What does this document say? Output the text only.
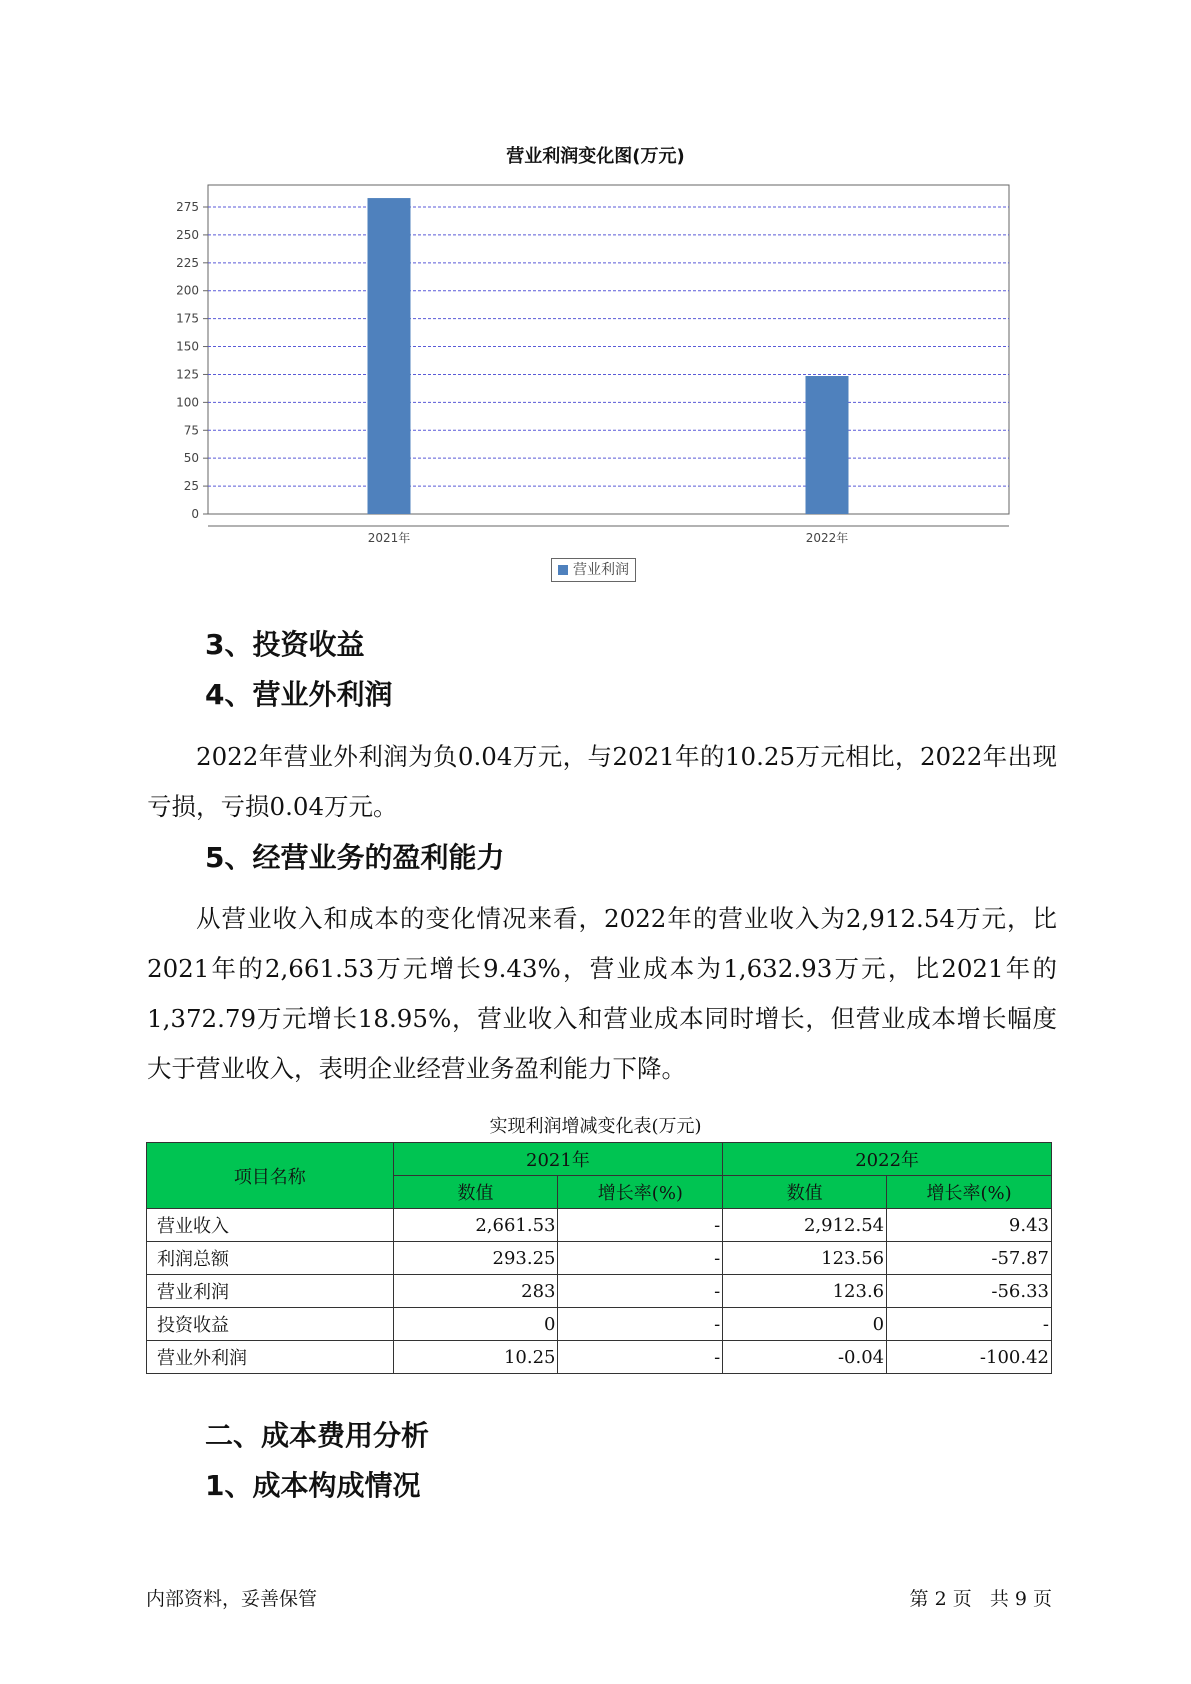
营业利润变化图(万元)
0
25
50
75
100
125
150
175
200
225
250
275
2021年	2022年
营业利润
3、投资收益
4、营业外利润
2022年营业外利润为负0.04万元，与2021年的10.25万元相比，2022年出现亏损，亏损0.04万元。
5、经营业务的盈利能力
从营业收入和成本的变化情况来看，2022年的营业收入为2,912.54万元，比2021年的2,661.53万元增长9.43%，营业成本为1,632.93万元，比2021年的1,372.79万元增长18.95%，营业收入和营业成本同时增长，但营业成本增长幅度大于营业收入，表明企业经营业务盈利能力下降。
实现利润增减变化表(万元)
项目名称	2021年		2022年	
	数值	增长率(%)	数值	增长率(%)
营业收入	2,661.53	-	2,912.54	9.43
利润总额	293.25	-	123.56	-57.87
营业利润	283	-	123.6	-56.33
投资收益	0	-	0	-
营业外利润	10.25	-	-0.04	-100.42
二、成本费用分析
1、成本构成情况
内部资料，妥善保管	第 2 页   共 9 页
